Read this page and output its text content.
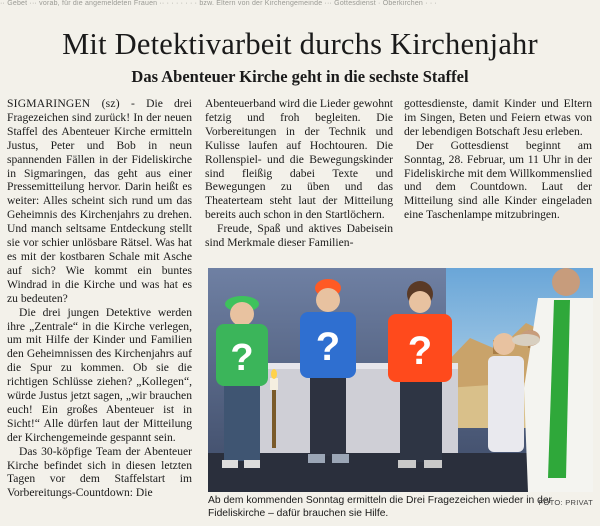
·· Gebet ··· vorab, für die angemeldeten Frauen ·· · · · · · · · bzw. Eltern von der Kirchengemeinde ··· Gottesdienst · Oberkirchen · · ·
Mit Detektivarbeit durchs Kirchenjahr
Das Abenteuer Kirche geht in die sechste Staffel

SIGMARINGEN (sz) - Die drei Fragezeichen sind zurück! In der neuen Staffel des Abenteuer Kirche ermitteln Justus, Peter und Bob in neun spannenden Fällen in der Fideliskirche in Sigmaringen, das geht aus einer Pressemitteilung hervor. Darin heißt es weiter: Alles scheint sich rund um das Geheimnis des Kirchenjahrs zu drehen. Und manch seltsame Entdeckung stellt sie vor schier unlösbare Rätsel. Was hat es mit der kostbaren Schale mit Asche auf sich? Wie kommt ein buntes Windrad in die Kirche und was hat es zu bedeuten?

Die drei jungen Detektive werden ihre „Zentrale“ in die Kirche verlegen, um mit Hilfe der Kinder und Familien den Geheimnissen des Kirchenjahrs auf die Spur zu kommen. Ob sie die richtigen Schlüsse ziehen? „Kollegen“, würde Justus jetzt sagen, „wir brauchen euch! Ein großes Abenteuer ist in Sicht!“ Alle dürfen laut der Mitteilung der Kirchengemeinde gespannt sein.

Das 30-köpfige Team der Abenteuer Kirche befindet sich in diesen letzten Tagen vor dem Staffelstart im Vorbereitungs-Countdown: Die

Abenteuerband wird die Lieder gewohnt fetzig und froh begleiten. Die Vorbereitungen in der Technik und Kulisse laufen auf Hochtouren. Die Rollenspiel- und die Bewegungskinder sind fleißig dabei Texte und Bewegungen zu üben und das Theaterteam steht laut der Mitteilung bereits auch schon in den Startlöchern.

Freude, Spaß und aktives Dabeisein sind Merkmale dieser Familien-

gottesdienste, damit Kinder und Eltern im Singen, Beten und Feiern etwas von der lebendigen Botschaft Jesu erleben.

Der Gottesdienst beginnt am Sonntag, 28. Februar, um 11 Uhr in der Fideliskirche mit dem Willkommenslied und dem Countdown. Laut der Mitteilung sind alle Kinder eingeladen eine Taschenlampe mitzubringen.

? ? ?
Ab dem kommenden Sonntag ermitteln die Drei Fragezeichen wieder in der Fideliskirche – dafür brauchen sie Hilfe.
FOTO: PRIVAT
